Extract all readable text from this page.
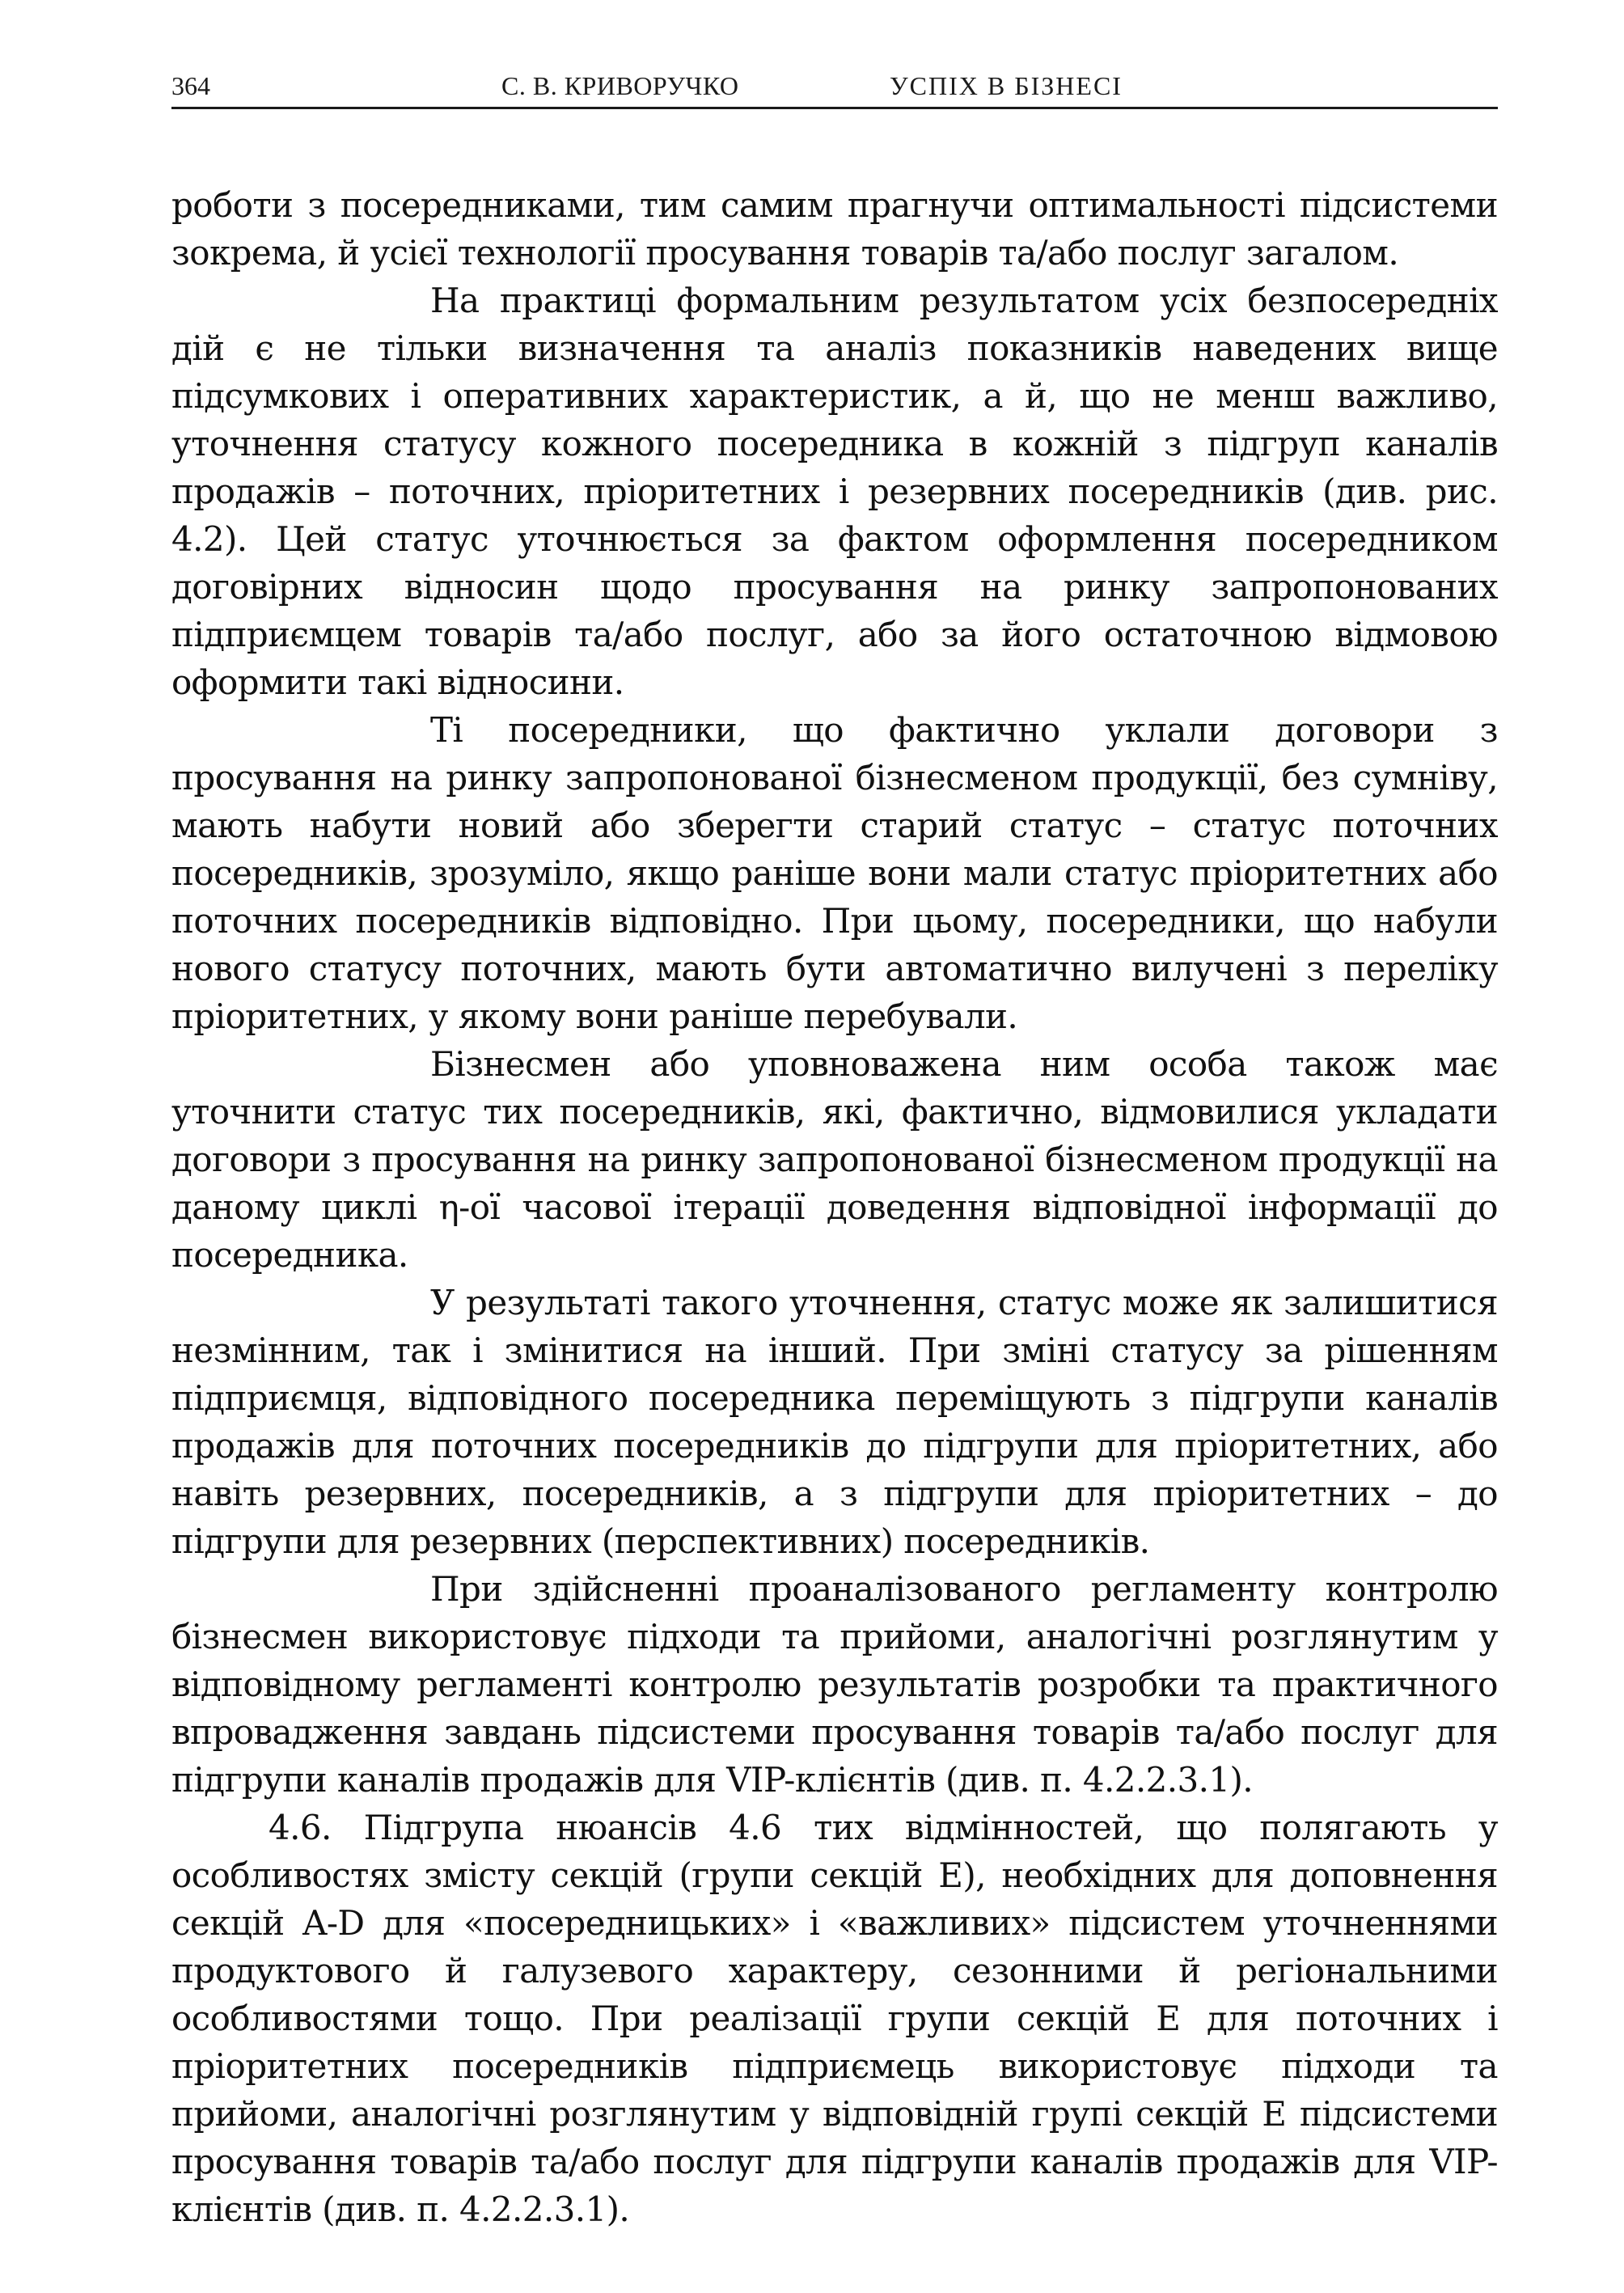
364	С. В. КРИВОРУЧКО	УСПІХ В БІЗНЕСІ

роботи з посередниками, тим самим прагнучи оптимальності підсистеми зокрема, й усієї технології просування товарів та/або послуг загалом.

На практиці формальним результатом усіх безпосередніх дій є не тільки визначення та аналіз показників наведених вище підсумкових і оперативних характеристик, а й, що не менш важливо, уточнення статусу кожного посередника в кожній з підгруп каналів продажів – поточних, пріоритетних і резервних посередників (див. рис. 4.2). Цей статус уточнюється за фактом оформлення посередником договірних відносин щодо просування на ринку запропонованих підприємцем товарів та/або послуг, або за його остаточною відмовою оформити такі відносини.

Ті посередники, що фактично уклали договори з просування на ринку запропонованої бізнесменом продукції, без сумніву, мають набути новий або зберегти старий статус – статус поточних посередників, зрозуміло, якщо раніше вони мали статус пріоритетних або поточних посередників відповідно. При цьому, посередники, що набули нового статусу поточних, мають бути автоматично вилучені з переліку пріоритетних, у якому вони раніше перебували.

Бізнесмен або уповноважена ним особа також має уточнити статус тих посередників, які, фактично, відмовилися укладати договори з просування на ринку запропонованої бізнесменом продукції на даному циклі η-ої часової ітерації доведення відповідної інформації до посередника.

У результаті такого уточнення, статус може як залишитися незмінним, так і змінитися на інший. При зміні статусу за рішенням підприємця, відповідного посередника переміщують з підгрупи каналів продажів для поточних посередників до підгрупи для пріоритетних, або навіть резервних, посередників, а з підгрупи для пріоритетних – до підгрупи для резервних (перспективних) посередників.

При здійсненні проаналізованого регламенту контролю бізнесмен використовує підходи та прийоми, аналогічні розглянутим у відповідному регламенті контролю результатів розробки та практичного впровадження завдань підсистеми просування товарів та/або послуг для підгрупи каналів продажів для VIP-клієнтів (див. п. 4.2.2.3.1).

4.6. Підгрупа нюансів 4.6 тих відмінностей, що полягають у особливостях змісту секцій (групи секцій Е), необхідних для доповнення секцій A-D для «посередницьких» і «важливих» підсистем уточненнями продуктового й галузевого характеру, сезонними й регіональними особливостями тощо. При реалізації групи секцій Е для поточних і пріоритетних посередників підприємець використовує підходи та прийоми, аналогічні розглянутим у відповідній групі секцій Е підсистеми просування товарів та/або послуг для підгрупи каналів продажів для VIP-клієнтів (див. п. 4.2.2.3.1).
